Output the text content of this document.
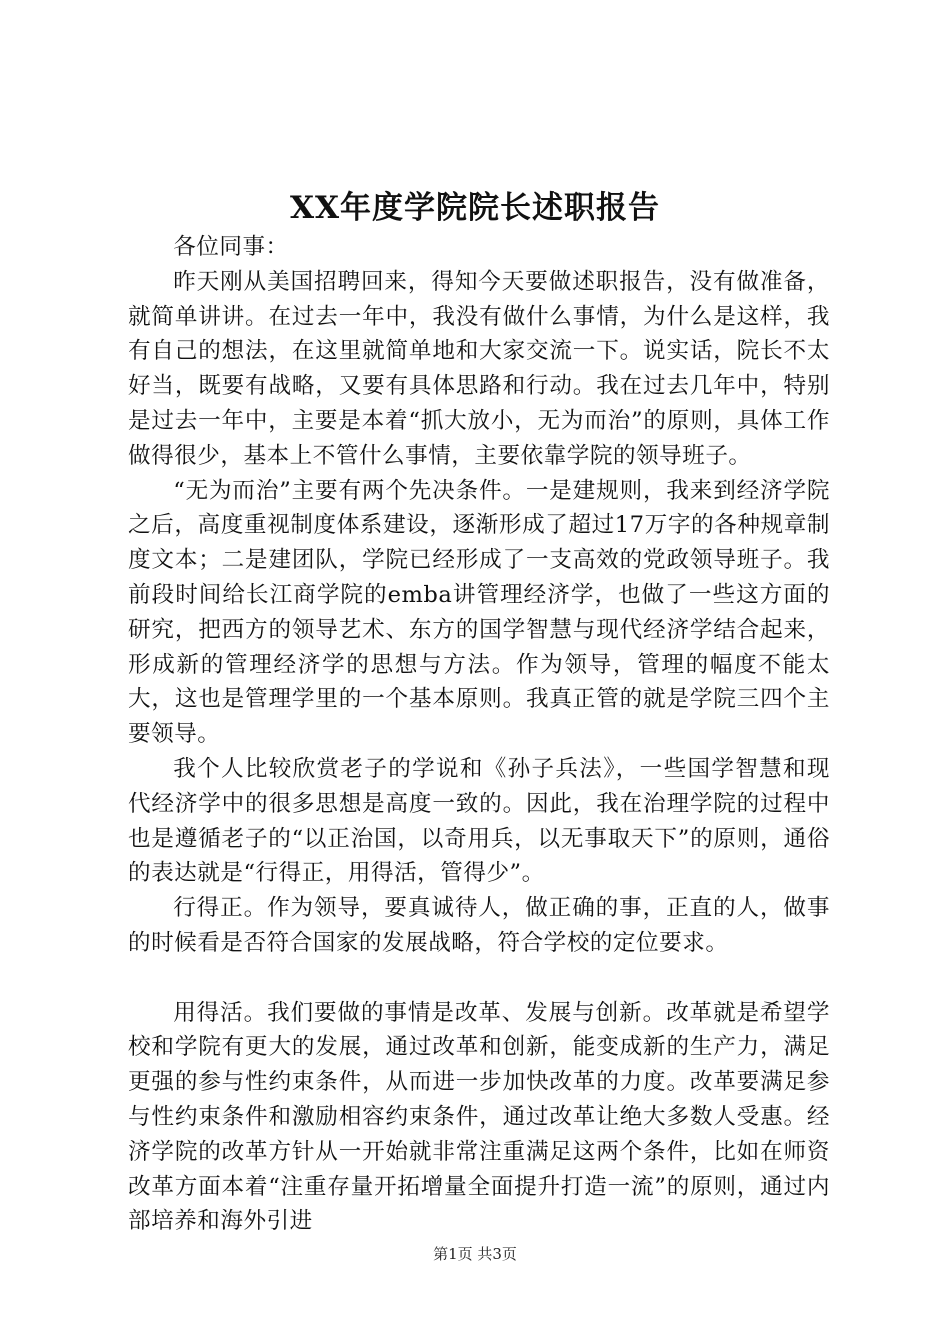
XX年度学院院长述职报告

各位同事：

昨天刚从美国招聘回来，得知今天要做述职报告，没有做准备，就简单讲讲。在过去一年中，我没有做什么事情，为什么是这样，我有自己的想法，在这里就简单地和大家交流一下。说实话，院长不太好当，既要有战略，又要有具体思路和行动。我在过去几年中，特别是过去一年中，主要是本着“抓大放小，无为而治”的原则，具体工作做得很少，基本上不管什么事情，主要依靠学院的领导班子。

“无为而治”主要有两个先决条件。一是建规则，我来到经济学院之后，高度重视制度体系建设，逐渐形成了超过17万字的各种规章制度文本；二是建团队，学院已经形成了一支高效的党政领导班子。我前段时间给长江商学院的emba讲管理经济学，也做了一些这方面的研究，把西方的领导艺术、东方的国学智慧与现代经济学结合起来，形成新的管理经济学的思想与方法。作为领导，管理的幅度不能太大，这也是管理学里的一个基本原则。我真正管的就是学院三四个主要领导。

我个人比较欣赏老子的学说和《孙子兵法》，一些国学智慧和现代经济学中的很多思想是高度一致的。因此，我在治理学院的过程中也是遵循老子的“以正治国，以奇用兵，以无事取天下”的原则，通俗的表达就是“行得正，用得活，管得少”。

行得正。作为领导，要真诚待人，做正确的事，正直的人，做事的时候看是否符合国家的发展战略，符合学校的定位要求。

用得活。我们要做的事情是改革、发展与创新。改革就是希望学校和学院有更大的发展，通过改革和创新，能变成新的生产力，满足更强的参与性约束条件，从而进一步加快改革的力度。改革要满足参与性约束条件和激励相容约束条件，通过改革让绝大多数人受惠。经济学院的改革方针从一开始就非常注重满足这两个条件，比如在师资改革方面本着“注重存量开拓增量全面提升打造一流”的原则，通过内部培养和海外引进

第1页 共3页
